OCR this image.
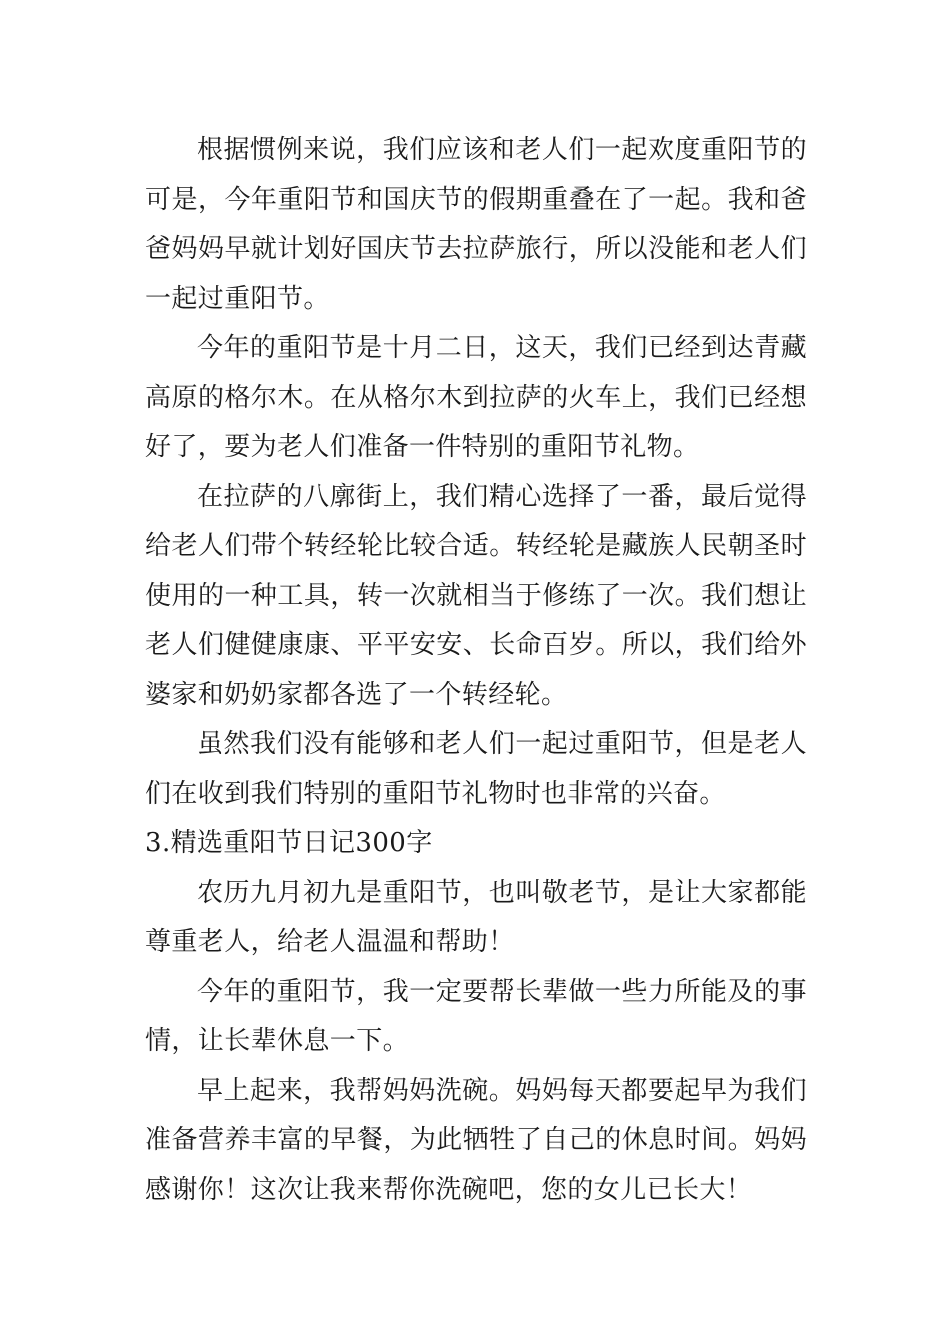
根据惯例来说，我们应该和老人们一起欢度重阳节的可是，今年重阳节和国庆节的假期重叠在了一起。我和爸爸妈妈早就计划好国庆节去拉萨旅行，所以没能和老人们一起过重阳节。

今年的重阳节是十月二日，这天，我们已经到达青藏高原的格尔木。在从格尔木到拉萨的火车上，我们已经想好了，要为老人们准备一件特别的重阳节礼物。

在拉萨的八廓街上，我们精心选择了一番，最后觉得给老人们带个转经轮比较合适。转经轮是藏族人民朝圣时使用的一种工具，转一次就相当于修练了一次。我们想让老人们健健康康、平平安安、长命百岁。所以，我们给外婆家和奶奶家都各选了一个转经轮。

虽然我们没有能够和老人们一起过重阳节，但是老人们在收到我们特别的重阳节礼物时也非常的兴奋。

3.精选重阳节日记300字

农历九月初九是重阳节，也叫敬老节，是让大家都能尊重老人，给老人温温和帮助！

今年的重阳节，我一定要帮长辈做一些力所能及的事情，让长辈休息一下。

早上起来，我帮妈妈洗碗。妈妈每天都要起早为我们准备营养丰富的早餐，为此牺牲了自己的休息时间。妈妈感谢你！这次让我来帮你洗碗吧，您的女儿已长大！
